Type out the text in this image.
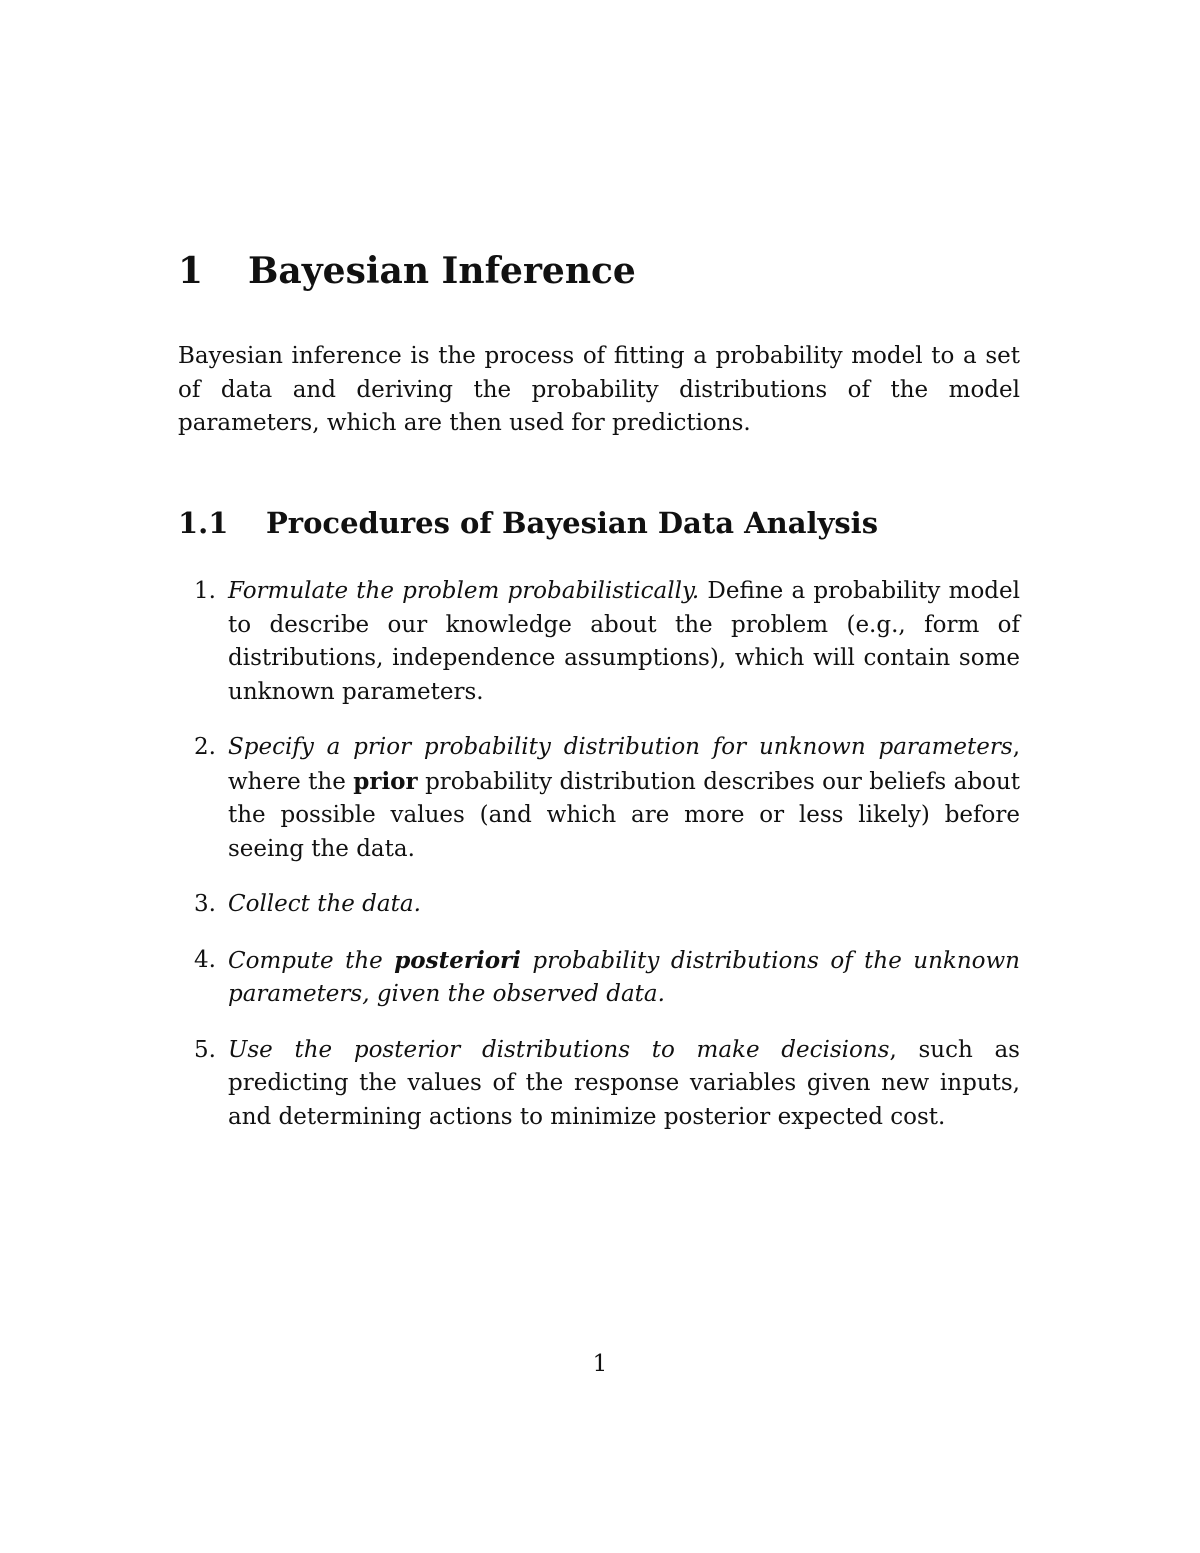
1 Bayesian Inference

Bayesian inference is the process of fitting a probability model to a set of data and deriving the probability distributions of the model parameters, which are then used for predictions.

1.1 Procedures of Bayesian Data Analysis
1. Formulate the problem probabilistically. Define a probability model to describe our knowledge about the problem (e.g., form of distributions, independence assumptions), which will contain some unknown parameters.
2. Specify a prior probability distribution for unknown parameters, where the prior probability distribution describes our beliefs about the possible values (and which are more or less likely) before seeing the data.
3. Collect the data.
4. Compute the posteriori probability distributions of the unknown parameters, given the observed data.
5. Use the posterior distributions to make decisions, such as predicting the values of the response variables given new inputs, and determining actions to minimize posterior expected cost.
1
